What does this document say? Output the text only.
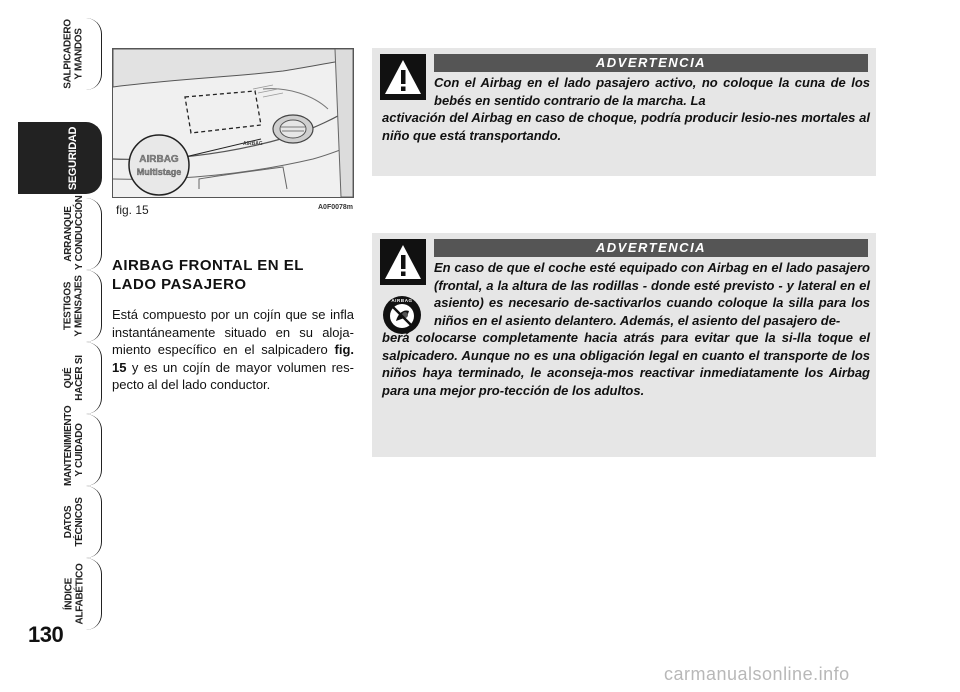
SALPICADERO
Y MANDOS
SEGURIDAD
ARRANQUE
Y CONDUCCIÓN
TESTIGOS
Y MENSAJES
QUÉ
HACER SI
MANTENIMIENTO
Y CUIDADO
DATOS
TÉCNICOS
ÍNDICE
ALFABÉTICO
130
AIRBAG
Multistage
AIRBAG
fig. 15	A0F0078m
AIRBAG FRONTAL EN EL
LADO PASAJERO
Está compuesto por un cojín que se infla instantáneamente situado en su aloja-miento específico en el salpicadero fig. 15 y es un cojín de mayor volumen res-pecto al del lado conductor.
ADVERTENCIA
Con el Airbag en el lado pasajero activo, no coloque la cuna de los bebés en sentido contrario de la marcha. La
activación del Airbag en caso de choque, podría producir lesio-nes mortales al niño que está transportando.
AIRBAG
ADVERTENCIA
En caso de que el coche esté equipado con Airbag en el lado pasajero (frontal, a la altura de las rodillas - donde esté previsto - y lateral en el asiento) es necesario de-sactivarlos cuando coloque la silla para los niños en el asiento delantero. Además, el asiento del pasajero de-
berá colocarse completamente hacia atrás para evitar que la si-lla toque el salpicadero. Aunque no es una obligación legal en cuanto el transporte de los niños haya terminado, le aconseja-mos reactivar inmediatamente los Airbag para una mejor pro-tección de los adultos.
carmanualsonline.info
